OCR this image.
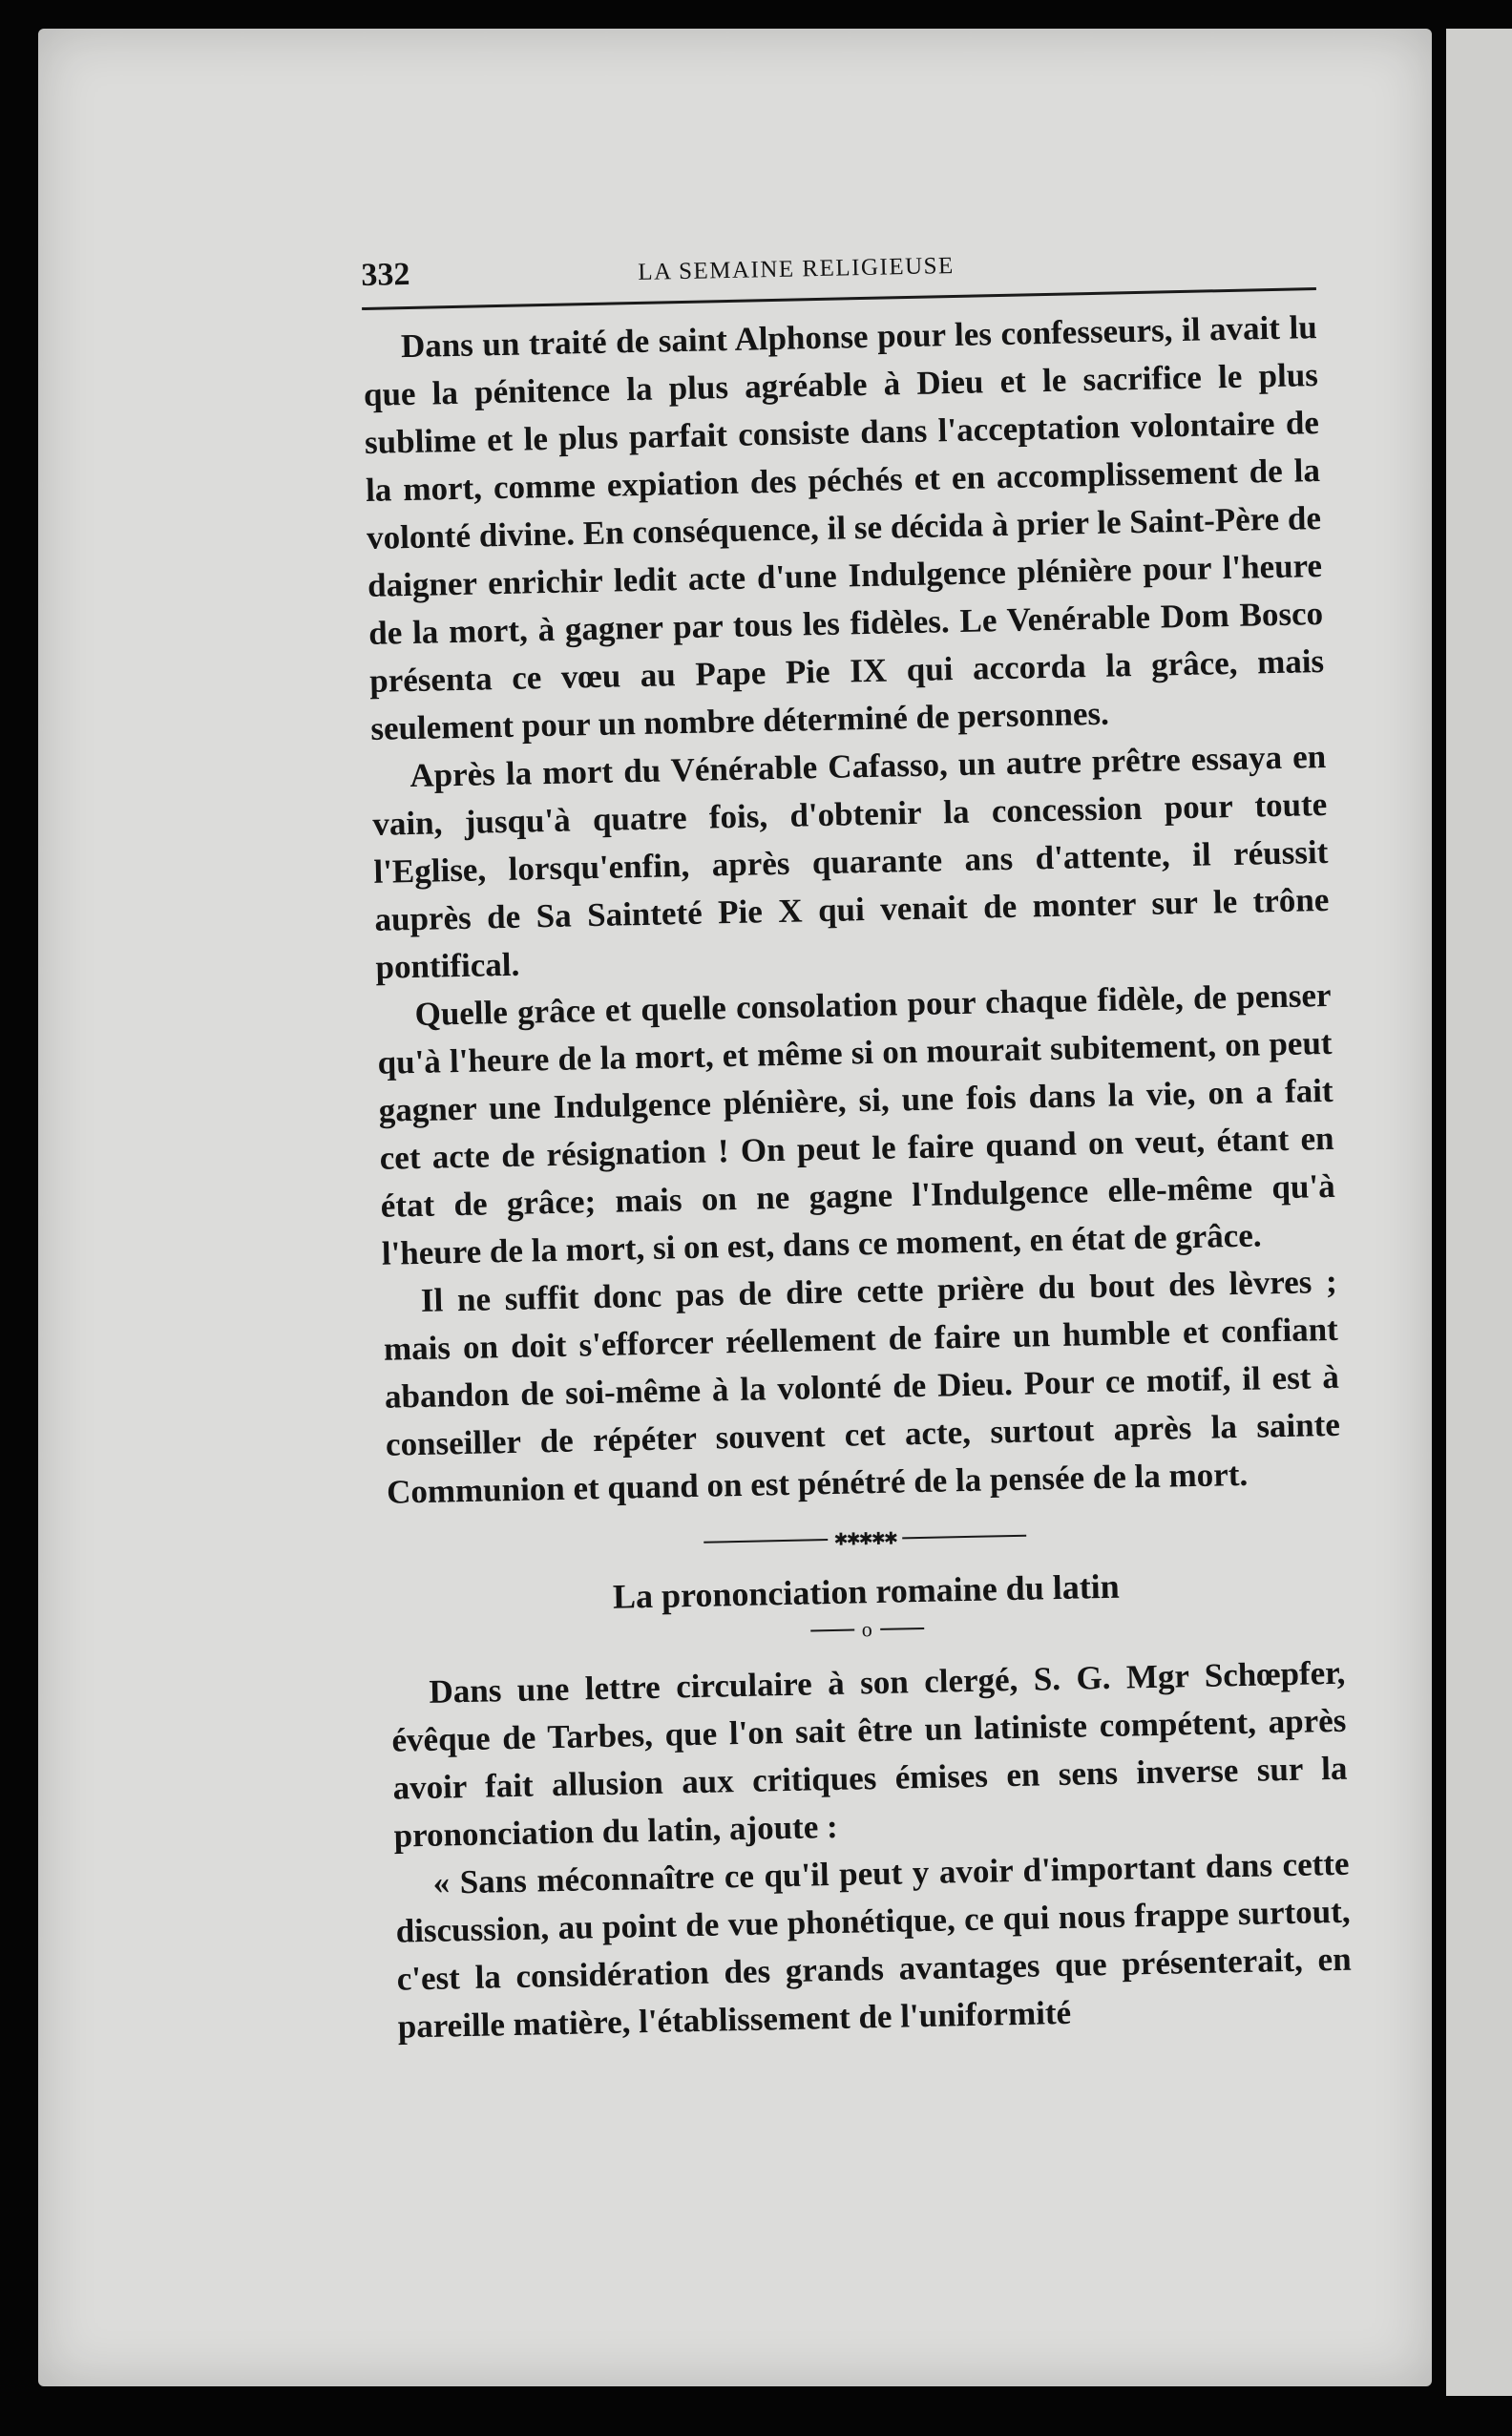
332	LA SEMAINE RELIGIEUSE

Dans un traité de saint Alphonse pour les confesseurs, il avait lu que la pénitence la plus agréable à Dieu et le sacrifice le plus sublime et le plus parfait consiste dans l'acceptation volontaire de la mort, comme expiation des péchés et en accomplissement de la volonté divine. En conséquence, il se décida à prier le Saint-Père de daigner enrichir ledit acte d'une Indulgence plénière pour l'heure de la mort, à gagner par tous les fidèles. Le Venérable Dom Bosco présenta ce vœu au Pape Pie IX qui accorda la grâce, mais seulement pour un nombre déterminé de personnes.

Après la mort du Vénérable Cafasso, un autre prêtre essaya en vain, jusqu'à quatre fois, d'obtenir la concession pour toute l'Eglise, lorsqu'enfin, après quarante ans d'attente, il réussit auprès de Sa Sainteté Pie X qui venait de monter sur le trône pontifical.

Quelle grâce et quelle consolation pour chaque fidèle, de penser qu'à l'heure de la mort, et même si on mourait subitement, on peut gagner une Indulgence plénière, si, une fois dans la vie, on a fait cet acte de résignation ! On peut le faire quand on veut, étant en état de grâce; mais on ne gagne l'Indulgence elle-même qu'à l'heure de la mort, si on est, dans ce moment, en état de grâce.

Il ne suffit donc pas de dire cette prière du bout des lèvres ; mais on doit s'efforcer réellement de faire un humble et confiant abandon de soi-même à la volonté de Dieu. Pour ce motif, il est à conseiller de répéter souvent cet acte, surtout après la sainte Communion et quand on est pénétré de la pensée de la mort.

✱✱✱✱✱
La prononciation romaine du latin
o

Dans une lettre circulaire à son clergé, S. G. Mgr Schœpfer, évêque de Tarbes, que l'on sait être un latiniste compétent, après avoir fait allusion aux critiques émises en sens inverse sur la prononciation du latin, ajoute :

« Sans méconnaître ce qu'il peut y avoir d'important dans cette discussion, au point de vue phonétique, ce qui nous frappe surtout, c'est la considération des grands avantages que présenterait, en pareille matière, l'établissement de l'uniformité
